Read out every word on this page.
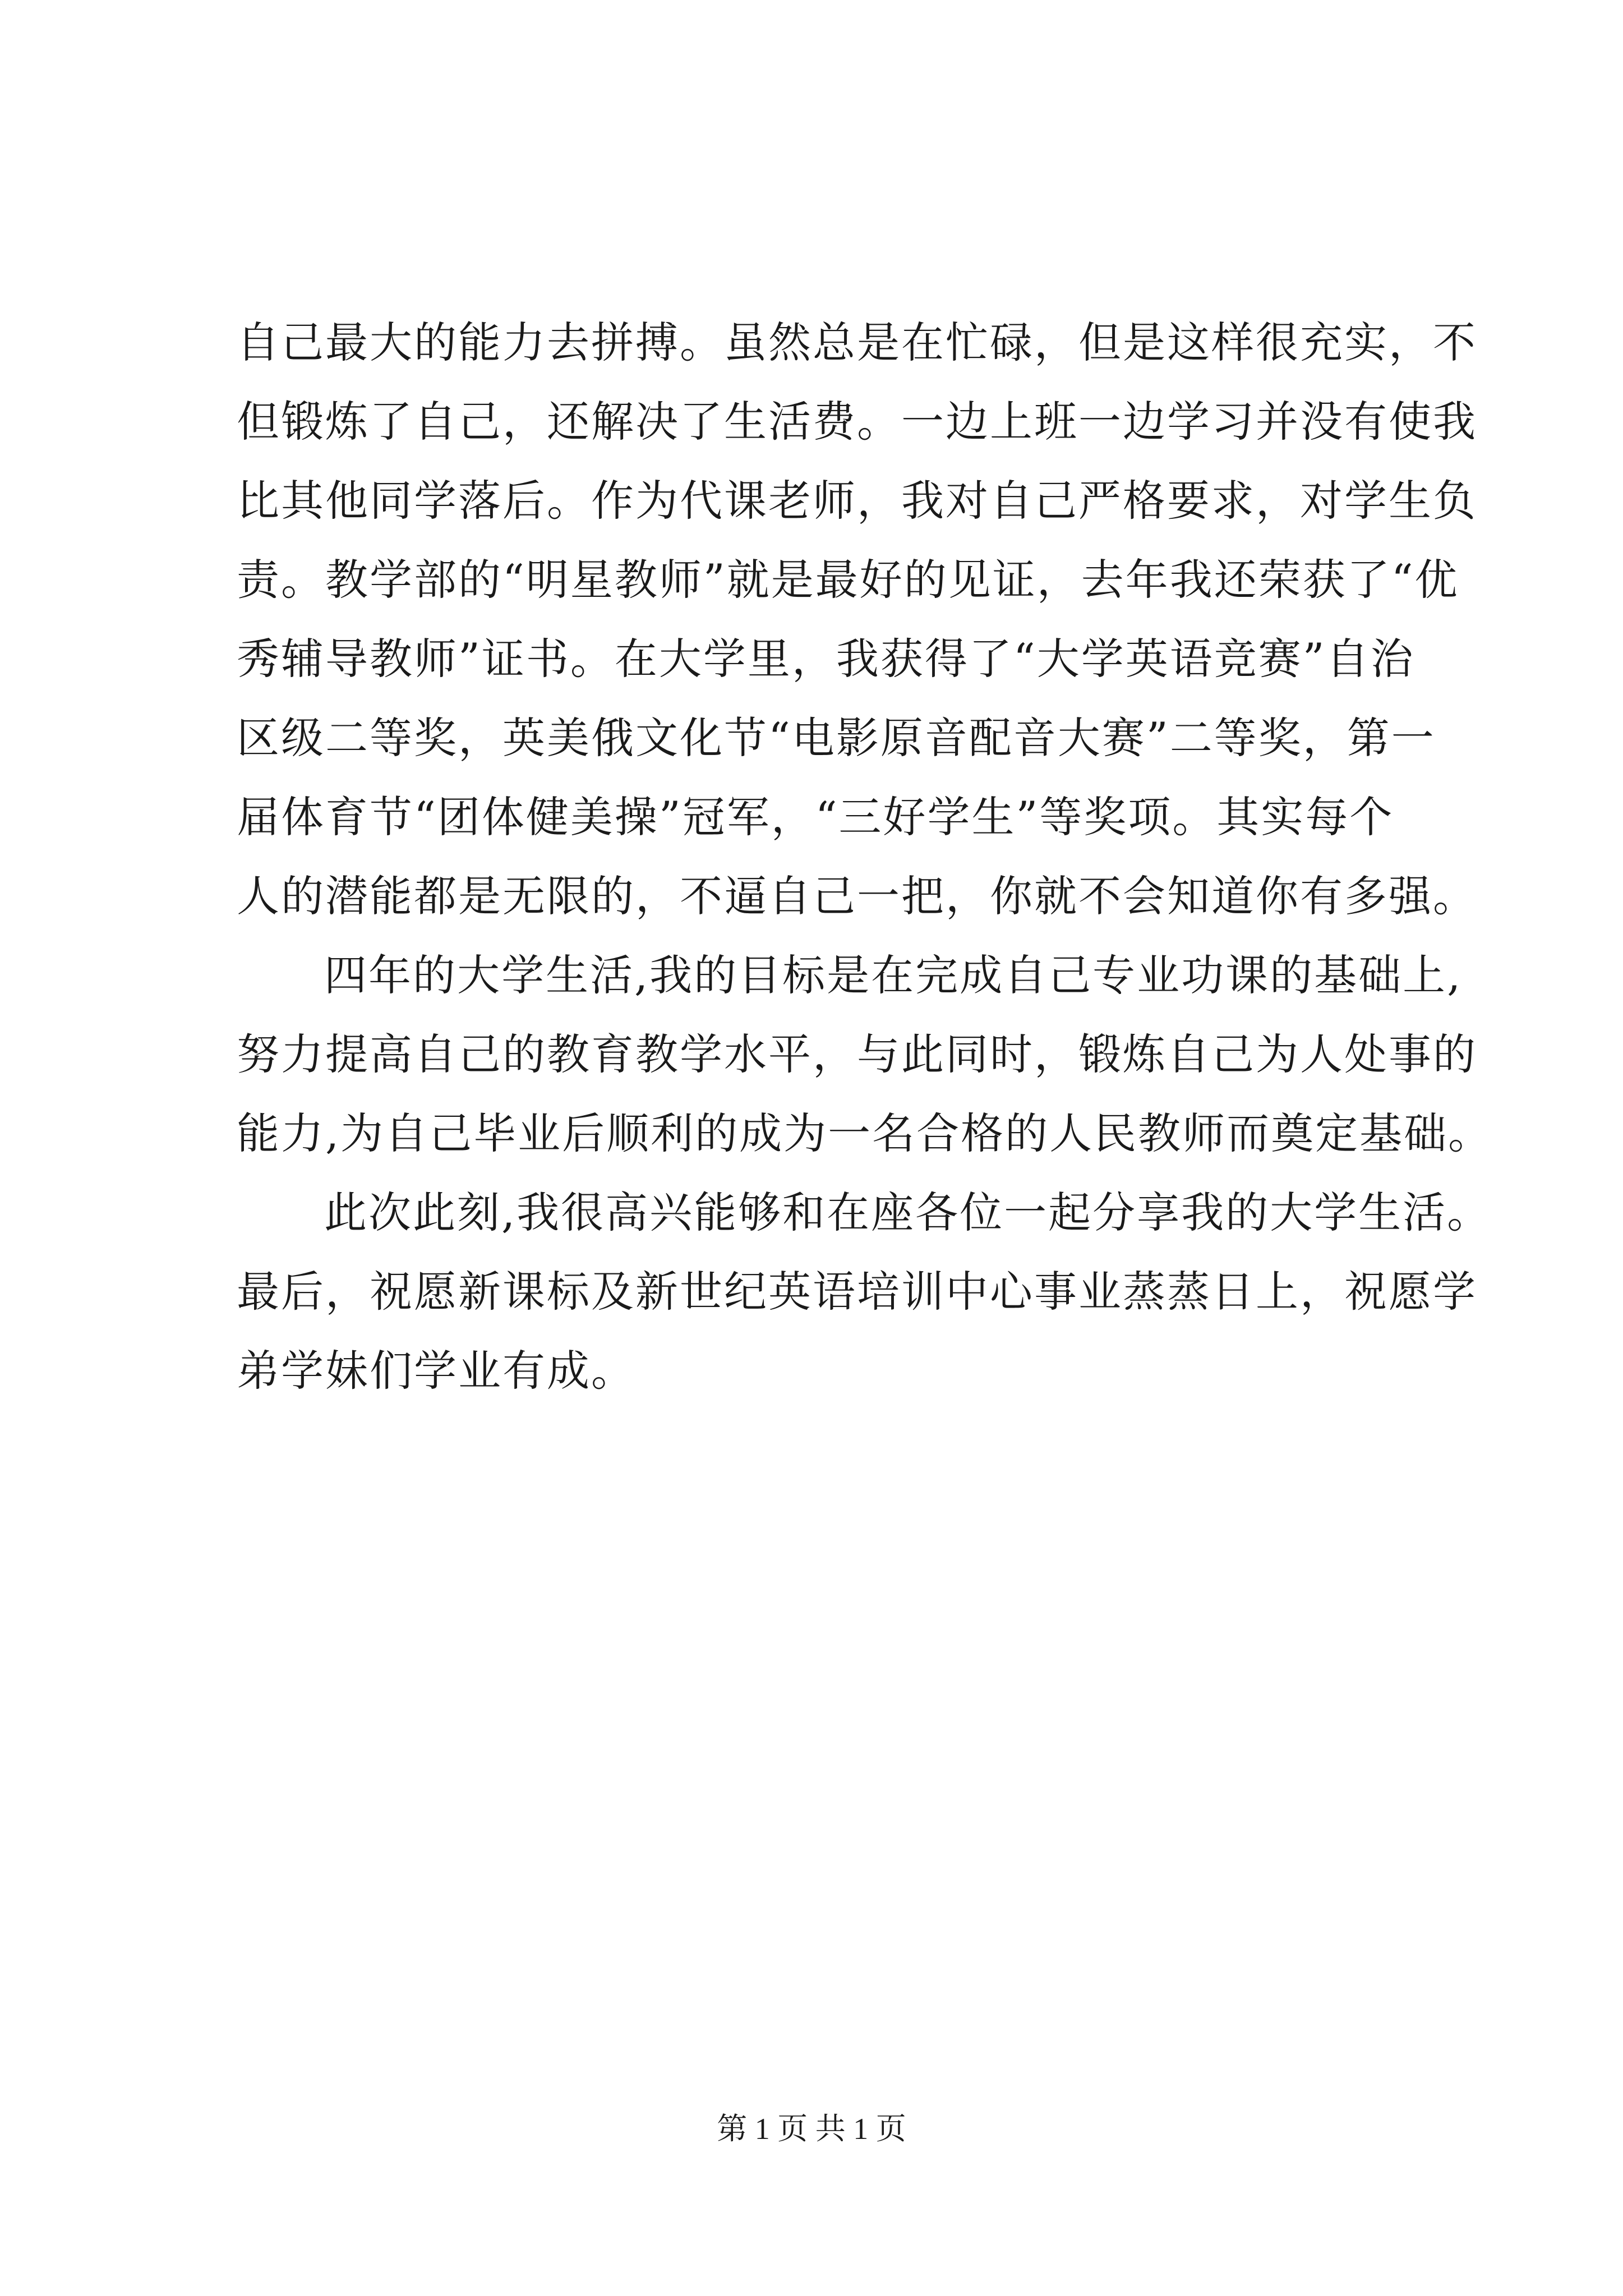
自己最大的能力去拼搏。虽然总是在忙碌，但是这样很充实，不
但锻炼了自己，还解决了生活费。一边上班一边学习并没有使我
比其他同学落后。作为代课老师，我对自己严格要求，对学生负
责。教学部的“明星教师”就是最好的见证，去年我还荣获了“优
秀辅导教师”证书。在大学里，我获得了“大学英语竞赛”自治
区级二等奖，英美俄文化节“电影原音配音大赛”二等奖，第一
届体育节“团体健美操”冠军，“三好学生”等奖项。其实每个
人的潜能都是无限的，不逼自己一把，你就不会知道你有多强。
四年的大学生活,我的目标是在完成自己专业功课的基础上,
努力提高自己的教育教学水平，与此同时，锻炼自己为人处事的
能力,为自己毕业后顺利的成为一名合格的人民教师而奠定基础。
此次此刻,我很高兴能够和在座各位一起分享我的大学生活。
最后，祝愿新课标及新世纪英语培训中心事业蒸蒸日上，祝愿学
弟学妹们学业有成。
第 1 页 共 1 页
